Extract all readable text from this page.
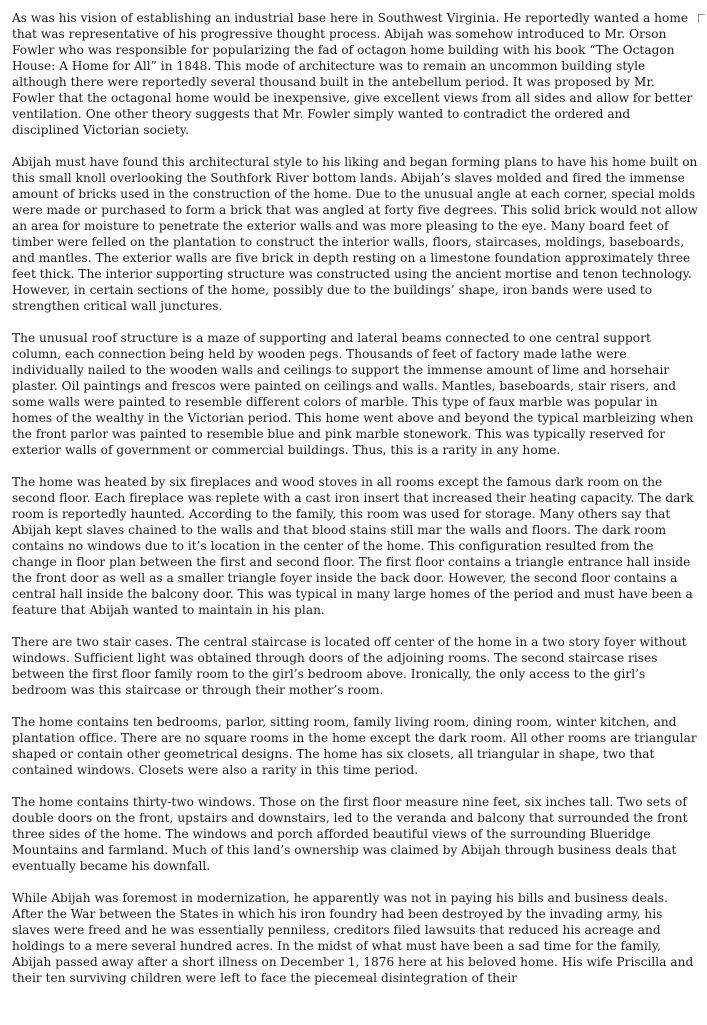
As was his vision of establishing an industrial base here in Southwest Virginia. He reportedly wanted a home that was representative of his progressive thought process. Abijah was somehow introduced to Mr. Orson Fowler who was responsible for popularizing the fad of octagon home building with his book “The Octagon House: A Home for All” in 1848. This mode of architecture was to remain an uncommon building style although there were reportedly several thousand built in the antebellum period. It was proposed by Mr. Fowler that the octagonal home would be inexpensive, give excellent views from all sides and allow for better ventilation. One other theory suggests that Mr. Fowler simply wanted to contradict the ordered and disciplined Victorian society.

Abijah must have found this architectural style to his liking and began forming plans to have his home built on this small knoll overlooking the Southfork River bottom lands. Abijah’s slaves molded and fired the immense amount of bricks used in the construction of the home. Due to the unusual angle at each corner, special molds were made or purchased to form a brick that was angled at forty five degrees. This solid brick would not allow an area for moisture to penetrate the exterior walls and was more pleasing to the eye. Many board feet of timber were felled on the plantation to construct the interior walls, floors, staircases, moldings, baseboards, and mantles. The exterior walls are five brick in depth resting on a limestone foundation approximately three feet thick. The interior supporting structure was constructed using the ancient mortise and tenon technology. However, in certain sections of the home, possibly due to the buildings’ shape, iron bands were used to strengthen critical wall junctures.

The unusual roof structure is a maze of supporting and lateral beams connected to one central support column, each connection being held by wooden pegs. Thousands of feet of factory made lathe were individually nailed to the wooden walls and ceilings to support the immense amount of lime and horsehair plaster. Oil paintings and frescos were painted on ceilings and walls. Mantles, baseboards, stair risers, and some walls were painted to resemble different colors of marble. This type of faux marble was popular in homes of the wealthy in the Victorian period. This home went above and beyond the typical marbleizing when the front parlor was painted to resemble blue and pink marble stonework. This was typically reserved for exterior walls of government or commercial buildings. Thus, this is a rarity in any home.

The home was heated by six fireplaces and wood stoves in all rooms except the famous dark room on the second floor. Each fireplace was replete with a cast iron insert that increased their heating capacity. The dark room is reportedly haunted. According to the family, this room was used for storage. Many others say that Abijah kept slaves chained to the walls and that blood stains still mar the walls and floors. The dark room contains no windows due to it’s location in the center of the home. This configuration resulted from the change in floor plan between the first and second floor. The first floor contains a triangle entrance hall inside the front door as well as a smaller triangle foyer inside the back door. However, the second floor contains a central hall inside the balcony door. This was typical in many large homes of the period and must have been a feature that Abijah wanted to maintain in his plan.

There are two stair cases. The central staircase is located off center of the home in a two story foyer without windows. Sufficient light was obtained through doors of the adjoining rooms. The second staircase rises between the first floor family room to the girl’s bedroom above. Ironically, the only access to the girl’s bedroom was this staircase or through their mother’s room.

The home contains ten bedrooms, parlor, sitting room, family living room, dining room, winter kitchen, and plantation office. There are no square rooms in the home except the dark room. All other rooms are triangular shaped or contain other geometrical designs. The home has six closets, all triangular in shape, two that contained windows. Closets were also a rarity in this time period.

The home contains thirty-two windows. Those on the first floor measure nine feet, six inches tall. Two sets of double doors on the front, upstairs and downstairs, led to the veranda and balcony that surrounded the front three sides of the home. The windows and porch afforded beautiful views of the surrounding Blueridge Mountains and farmland. Much of this land’s ownership was claimed by Abijah through business deals that eventually became his downfall.

While Abijah was foremost in modernization, he apparently was not in paying his bills and business deals. After the War between the States in which his iron foundry had been destroyed by the invading army, his slaves were freed and he was essentially penniless, creditors filed lawsuits that reduced his acreage and holdings to a mere several hundred acres. In the midst of what must have been a sad time for the family, Abijah passed away after a short illness on December 1, 1876 here at his beloved home. His wife Priscilla and their ten surviving children were left to face the piecemeal disintegration of their
